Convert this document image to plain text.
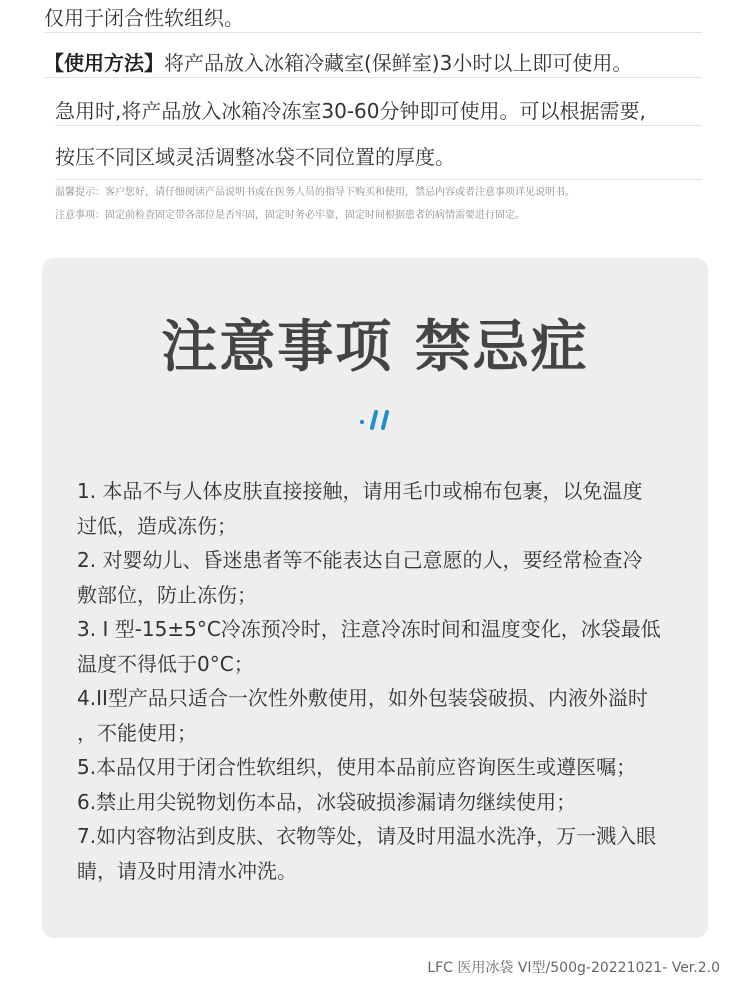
仅用于闭合性软组织。
【使用方法】将产品放入冰箱冷藏室(保鲜室)3小时以上即可使用。
急用时,将产品放入冰箱冷冻室30-60分钟即可使用。可以根据需要,
按压不同区域灵活调整冰袋不同位置的厚度。
温馨提示：客户您好，请仔细阅读产品说明书或在医务人员的指导下购买和使用，禁忌内容或者注意事项详见说明书。
注意事项：固定前检查固定带各部位是否牢固，固定时务必牢靠，固定时间根据患者的病情需要进行固定。
注意事项 禁忌症
1. 本品不与人体皮肤直接接触，请用毛巾或棉布包裹，以免温度
过低，造成冻伤；
2. 对婴幼儿、昏迷患者等不能表达自己意愿的人，要经常检查冷
敷部位，防止冻伤；
3. I 型-15±5°C冷冻预冷时，注意冷冻时间和温度变化，冰袋最低
温度不得低于0°C；
4.II型产品只适合一次性外敷使用，如外包装袋破损、内液外溢时
，不能使用；
5.本品仅用于闭合性软组织，使用本品前应咨询医生或遵医嘱；
6.禁止用尖锐物划伤本品，冰袋破损渗漏请勿继续使用；
7.如内容物沾到皮肤、衣物等处，请及时用温水洗净，万一溅入眼
睛，请及时用清水冲洗。
LFC 医用冰袋 VI型/500g-20221021- Ver.2.0
